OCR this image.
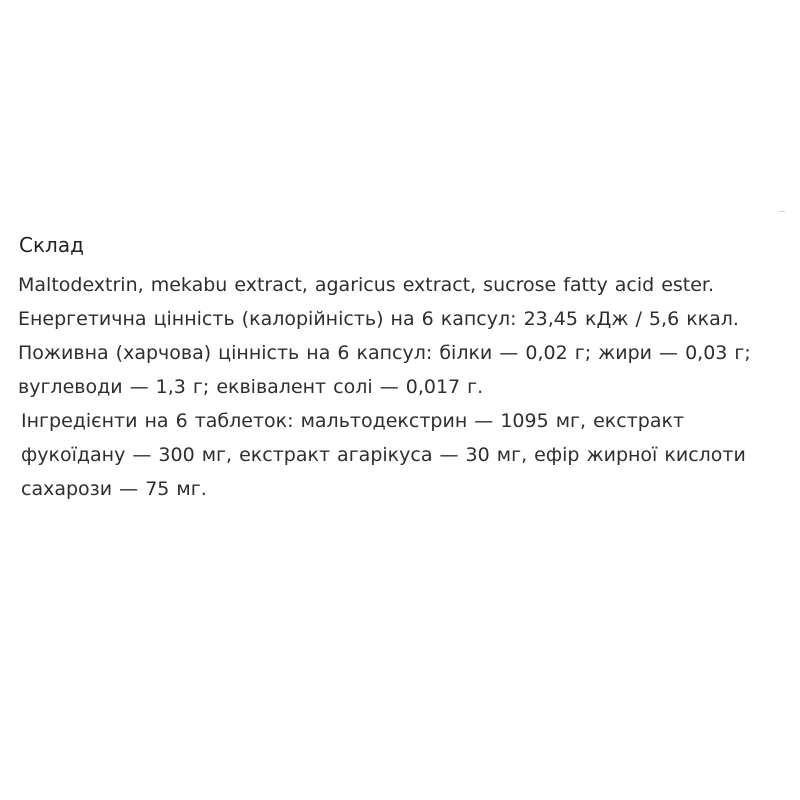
Склад

Maltodextrin, mekabu extract, agaricus extract, sucrose fatty acid ester.

Енергетична цінність (калорійність) на 6 капсул: 23,45 кДж / 5,6 ккал.

Поживна (харчова) цінність на 6 капсул: білки — 0,02 г; жири — 0,03 г; вуглеводи — 1,3 г; еквівалент солі — 0,017 г.

Інгредієнти на 6 таблеток: мальтодекстрин — 1095 мг, екстракт фукоїдану — 300 мг, екстракт агарікуса — 30 мг, ефір жирної кислоти сахарози — 75 мг.
